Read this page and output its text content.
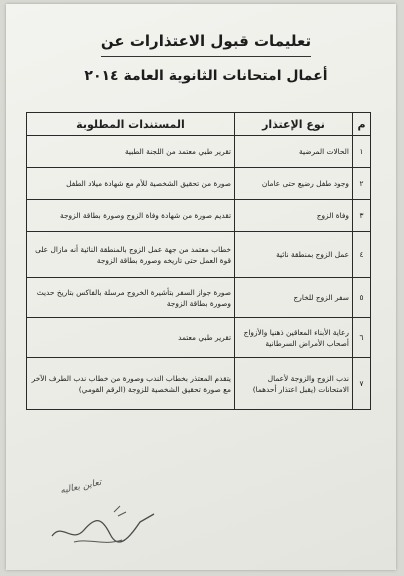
تعليمات قبول الاعتذارات عن
أعمال امتحانات الثانوية العامة ٢٠١٤
م	نوع الإعتذار	المستندات المطلوبة
١	الحالات المرضية	تقرير طبي معتمد من اللجنة الطبية
٢	وجود طفل رضيع حتى عامان	صورة من تحقيق الشخصية للأم مع شهادة ميلاد الطفل
٣	وفاة الزوج	تقديم صورة من شهادة وفاة الزوج وصورة بطاقة الزوجة
٤	عمل الزوج بمنطقة نائية	خطاب معتمد من جهة عمل الزوج بالمنطقة النائية أنه مازال على قوة العمل حتى تاريخه وصورة بطاقة الزوجة
٥	سفر الزوج للخارج	صورة جواز السفر بتأشيرة الخروج مرسلة بالفاكس بتاريخ حديث وصورة بطاقة الزوجة
٦	رعاية الأبناء المعاقين ذهنيا والأزواج أصحاب الأمراض السرطانية	تقرير طبي معتمد
٧	ندب الزوج والزوجة لأعمال الامتحانات (يقبل اعتذار أحدهما)	يتقدم المعتذر بخطاب الندب وصورة من خطاب ندب الطرف الآخر مع صورة تحقيق الشخصية للزوجة (الرقم القومي)
تعاين بعاليه
